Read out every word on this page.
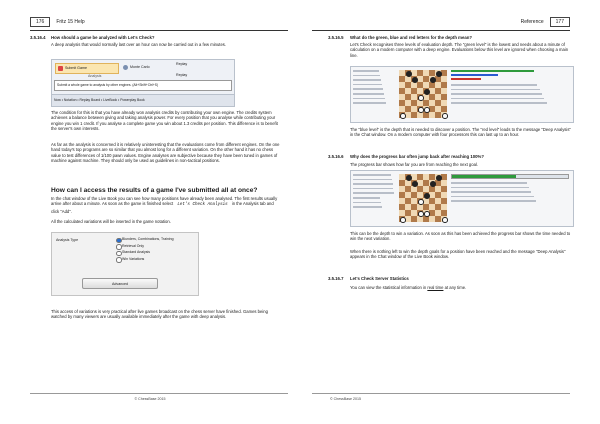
176	Fritz 15 Help
3.5.16.4 How should a game be analyzed with Let's Check?

A deep analysis that would normally last over an hour can now be carried out in a few minutes.

Submit Game	Monte Carlo
Replay
Replay
Analysis
Submit a whole game to analysis by other engines. (Alt+Shift+Ctrl+S)
Now • Notation • Replay Board • LiveBook • Powerplay Book

The condition for this is that you have already won analysis credits by contributing your own engine. The credits system achieves a balance between giving and taking analysis power. For every position that you analyse while contributing your engine you win 1 credit. If you analyse a complete game you win about 1.3 credits per position. This difference is to benefit the server's own interests.

As far as the analysis is concerned it is relatively uninteresting that the evaluations come from different engines. On the one hand today's top programs are so similar that you almost long for a different variation. On the other hand it has no chess value to test differences of 1/100 pawn values. Engine analyses are subjective because they have been tuned in games of machine against machine. They should only be used as guidelines in non-tactical positions.

How can I access the results of a game I've submitted all at once?

In the chat window of the Live Book you can see how many positions have already been analysed. The first results usually arrive after about a minute. As soon as the game is finished select Let's Check Analysis in the Analysis tab and click "Add".

All the calculated variations will be inserted in the game notation.

Analysis Type	Blunders, Combinations, Training
Retrieval Only
Standard Analysis
Win Variations
Advanced

This access of variations is very practical after live games broadcast on the chess server have finished. Games being watched by many viewers are usually available immediately after the game with deep analysis.

© ChessBase 2015
Reference	177
3.5.16.5 What do the green, blue and red letters for the depth mean?

Let's Check recognises three levels of evaluation depth. The "green level" is the lowest and needs about a minute of calculation on a modern computer with a deep engine. Evaluations below this level are ignored when choosing a main line.

The "blue level" is the depth that is needed to discover a position. The "red level" leads to the message "Deep Analysis" in the Chat window. On a modern computer with four processors this can last up to an hour.

3.5.16.6 Why does the progress bar often jump back after reaching 100%?

The progress bar shows how far you are from reaching the next goal.

This can be the depth to win a variation. As soon as this has been achieved the progress bar shows the time needed to win the next variation.

When there is nothing left to win the depth goals for a position have been reached and the message "Deep Analysis" appears in the Chat window of the Live Book window.

3.5.16.7 Let's Check Server Statistics

You can view the statistical information in real time at any time.

© ChessBase 2015
